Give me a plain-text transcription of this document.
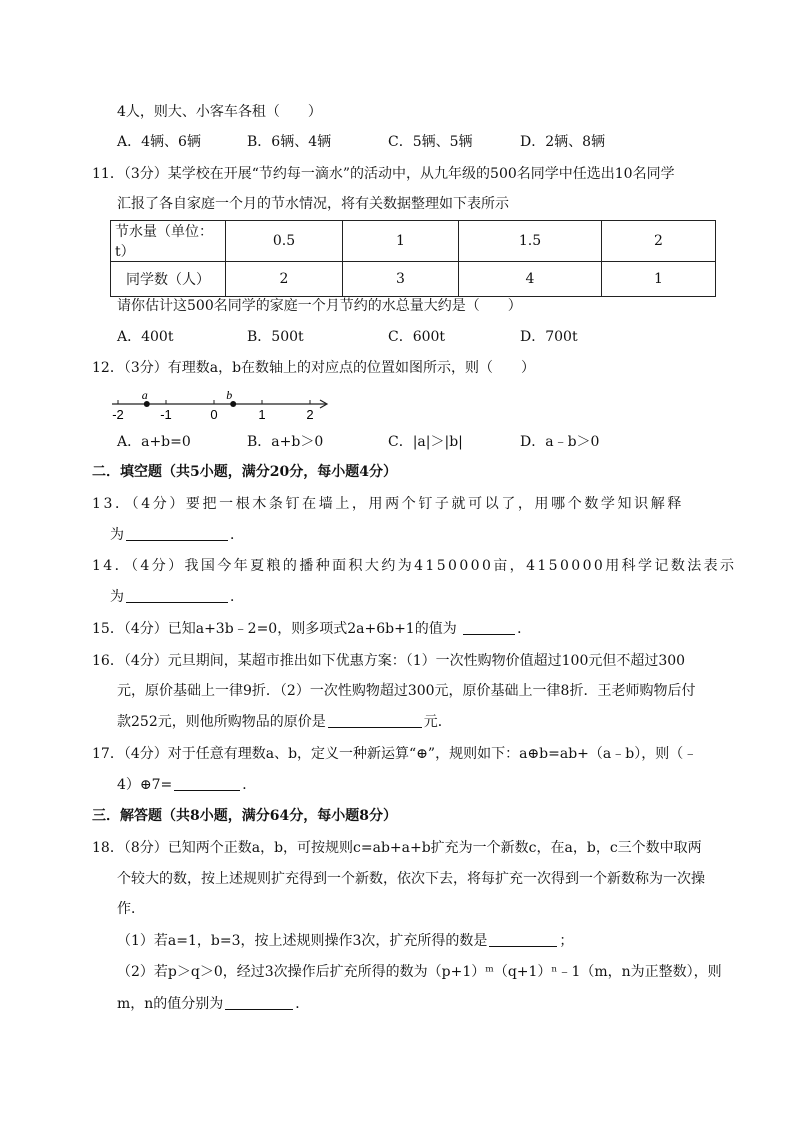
4人，则大、小客车各租（　　）
A．4辆、6辆	B．6辆、4辆	C．5辆、5辆	D．2辆、8辆
11．（3分）某学校在开展“节约每一滴水”的活动中，从九年级的500名同学中任选出10名同学
汇报了各自家庭一个月的节水情况，将有关数据整理如下表所示
节水量（单位：t）	0.5	1	1.5	2
同学数（人）	2	3	4	1
请你估计这500名同学的家庭一个月节约的水总量大约是（　　）
A．400t	B．500t	C．600t	D．700t
12．（3分）有理数a，b在数轴上的对应点的位置如图所示，则（　　）
-2	-1	0	1	2
a	b
A．a+b=0	B．a+b＞0	C．|a|＞|b|	D．a﹣b＞0
二．填空题（共5小题，满分20分，每小题4分）
13．（4分）要把一根木条钉在墙上，用两个钉子就可以了，用哪个数学知识解释
为	．
14．（4分）我国今年夏粮的播种面积大约为4150000亩，4150000用科学记数法表示
为	．
15．（4分）已知a+3b﹣2=0，则多项式2a+6b+1的值为	．
16．（4分）元旦期间，某超市推出如下优惠方案：（1）一次性购物价值超过100元但不超过300
元，原价基础上一律9折．（2）一次性购物超过300元，原价基础上一律8折．王老师购物后付
款252元，则他所购物品的原价是	元．
17．（4分）对于任意有理数a、b，定义一种新运算“⊕”，规则如下：a⊕b=ab+（a﹣b），则（﹣
4）⊕7=	．
三．解答题（共8小题，满分64分，每小题8分）
18．（8分）已知两个正数a，b，可按规则c=ab+a+b扩充为一个新数c，在a，b，c三个数中取两
个较大的数，按上述规则扩充得到一个新数，依次下去，将每扩充一次得到一个新数称为一次操
作．
（1）若a=1，b=3，按上述规则操作3次，扩充所得的数是	；
（2）若p＞q＞0，经过3次操作后扩充所得的数为（p+1）ᵐ（q+1）ⁿ﹣1（m，n为正整数），则
m，n的值分别为	．
